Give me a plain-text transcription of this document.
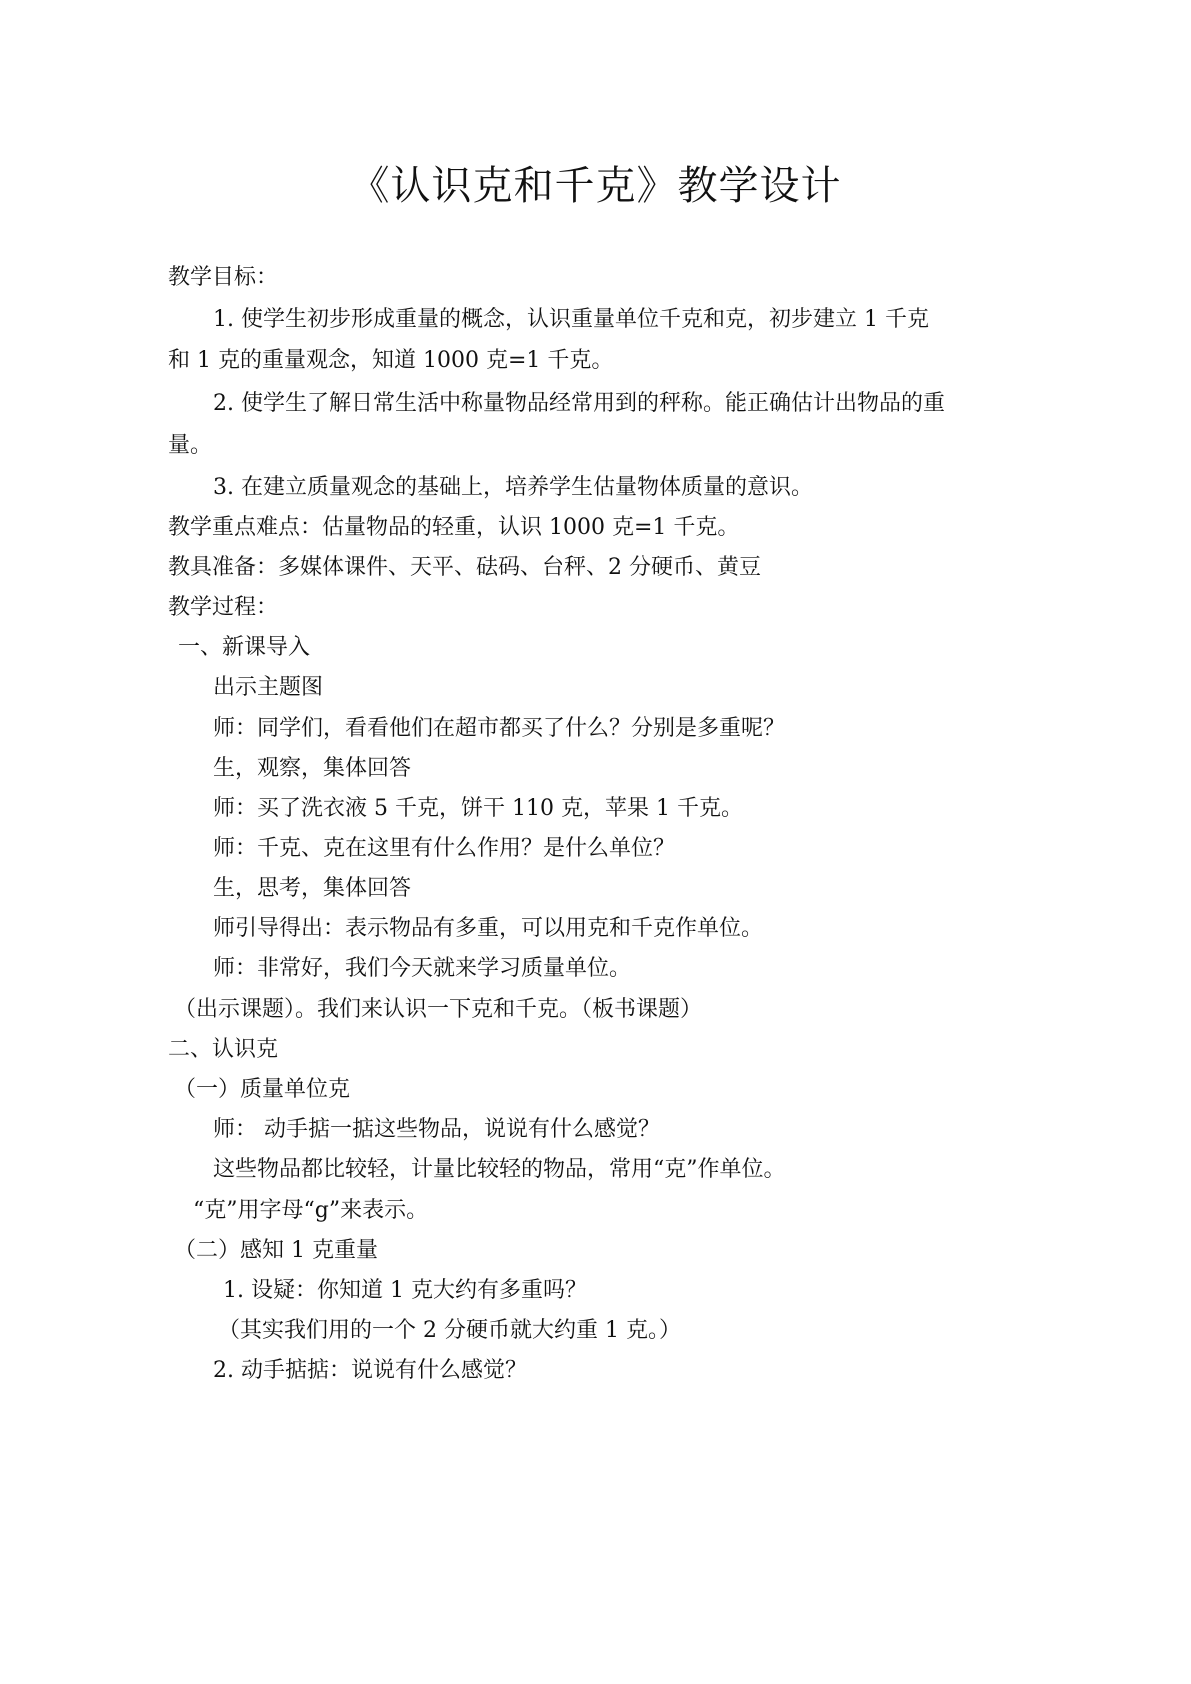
《认识克和千克》教学设计

教学目标：

1. 使学生初步形成重量的概念，认识重量单位千克和克，初步建立 1 千克

和 1 克的重量观念，知道 1000 克=1 千克。

2. 使学生了解日常生活中称量物品经常用到的秤称。能正确估计出物品的重

量。

3. 在建立质量观念的基础上，培养学生估量物体质量的意识。

教学重点难点：估量物品的轻重，认识 1000 克=1 千克。

教具准备：多媒体课件、天平、砝码、台秤、2 分硬币、黄豆

教学过程：

一、新课导入

出示主题图

师：同学们，看看他们在超市都买了什么？分别是多重呢？

生，观察，集体回答

师：买了洗衣液 5 千克，饼干 110 克，苹果 1 千克。

师：千克、克在这里有什么作用？是什么单位？

生，思考，集体回答

师引导得出：表示物品有多重，可以用克和千克作单位。

师：非常好，我们今天就来学习质量单位。

（出示课题）。我们来认识一下克和千克。（板书课题）

二、认识克

（一）质量单位克

师： 动手掂一掂这些物品，说说有什么感觉？

这些物品都比较轻，计量比较轻的物品，常用“克”作单位。

“克”用字母“g”来表示。

（二）感知 1 克重量

1. 设疑：你知道 1 克大约有多重吗？

（其实我们用的一个 2 分硬币就大约重 1 克。）

2. 动手掂掂：说说有什么感觉？
